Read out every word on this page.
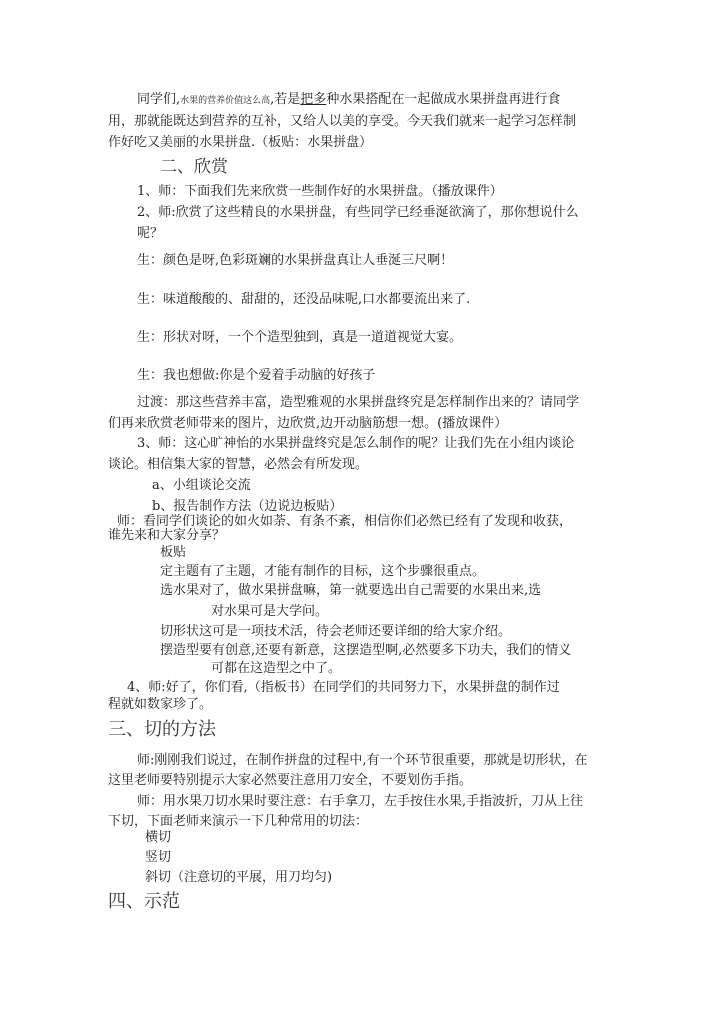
同学们,水果的营养价值这么高,若是把多种水果搭配在一起做成水果拼盘再进行食
用，那就能既达到营养的互补，又给人以美的享受。今天我们就来一起学习怎样制
作好吃又美丽的水果拼盘.（板贴：水果拼盘）
二、欣赏
1、师：下面我们先来欣赏一些制作好的水果拼盘。（播放课件）
2、师:欣赏了这些精良的水果拼盘，有些同学已经垂涎欲滴了，那你想说什么
呢？
生：颜色是呀,色彩斑斓的水果拼盘真让人垂涎三尺啊！
生：味道酸酸的、甜甜的，还没品味呢,口水都要流出来了.
生：形状对呀，一个个造型独到，真是一道道视觉大宴。
生：我也想做:你是个爱着手动脑的好孩子
过渡：那这些营养丰富，造型雅观的水果拼盘终究是怎样制作出来的？请同学
们再来欣赏老师带来的图片，边欣赏,边开动脑筋想一想。(播放课件）
3、师：这心旷神怡的水果拼盘终究是怎么制作的呢？让我们先在小组内谈论
谈论。相信集大家的智慧，必然会有所发现。
a、小组谈论交流
b、报告制作方法（边说边板贴）
师：看同学们谈论的如火如荼、有条不紊，相信你们必然已经有了发现和收获，
谁先来和大家分享？
板贴
定主题有了主题，才能有制作的目标，这个步骤很重点。
选水果对了，做水果拼盘嘛，第一就要选出自己需要的水果出来,选
对水果可是大学问。
切形状这可是一项技术活，待会老师还要详细的给大家介绍。
摆造型要有创意,还要有新意，这摆造型啊,必然要多下功夫，我们的情义
可都在这造型之中了。
4、师:好了，你们看,（指板书）在同学们的共同努力下，水果拼盘的制作过
程就如数家珍了。
三、切的方法
师:刚刚我们说过，在制作拼盘的过程中,有一个环节很重要，那就是切形状，在
这里老师要特别提示大家必然要注意用刀安全，不要划伤手指。
师：用水果刀切水果时要注意：右手拿刀，左手按住水果,手指波折，刀从上往
下切，下面老师来演示一下几种常用的切法：
横切
竖切
斜切（注意切的平展，用刀均匀)
四、示范
